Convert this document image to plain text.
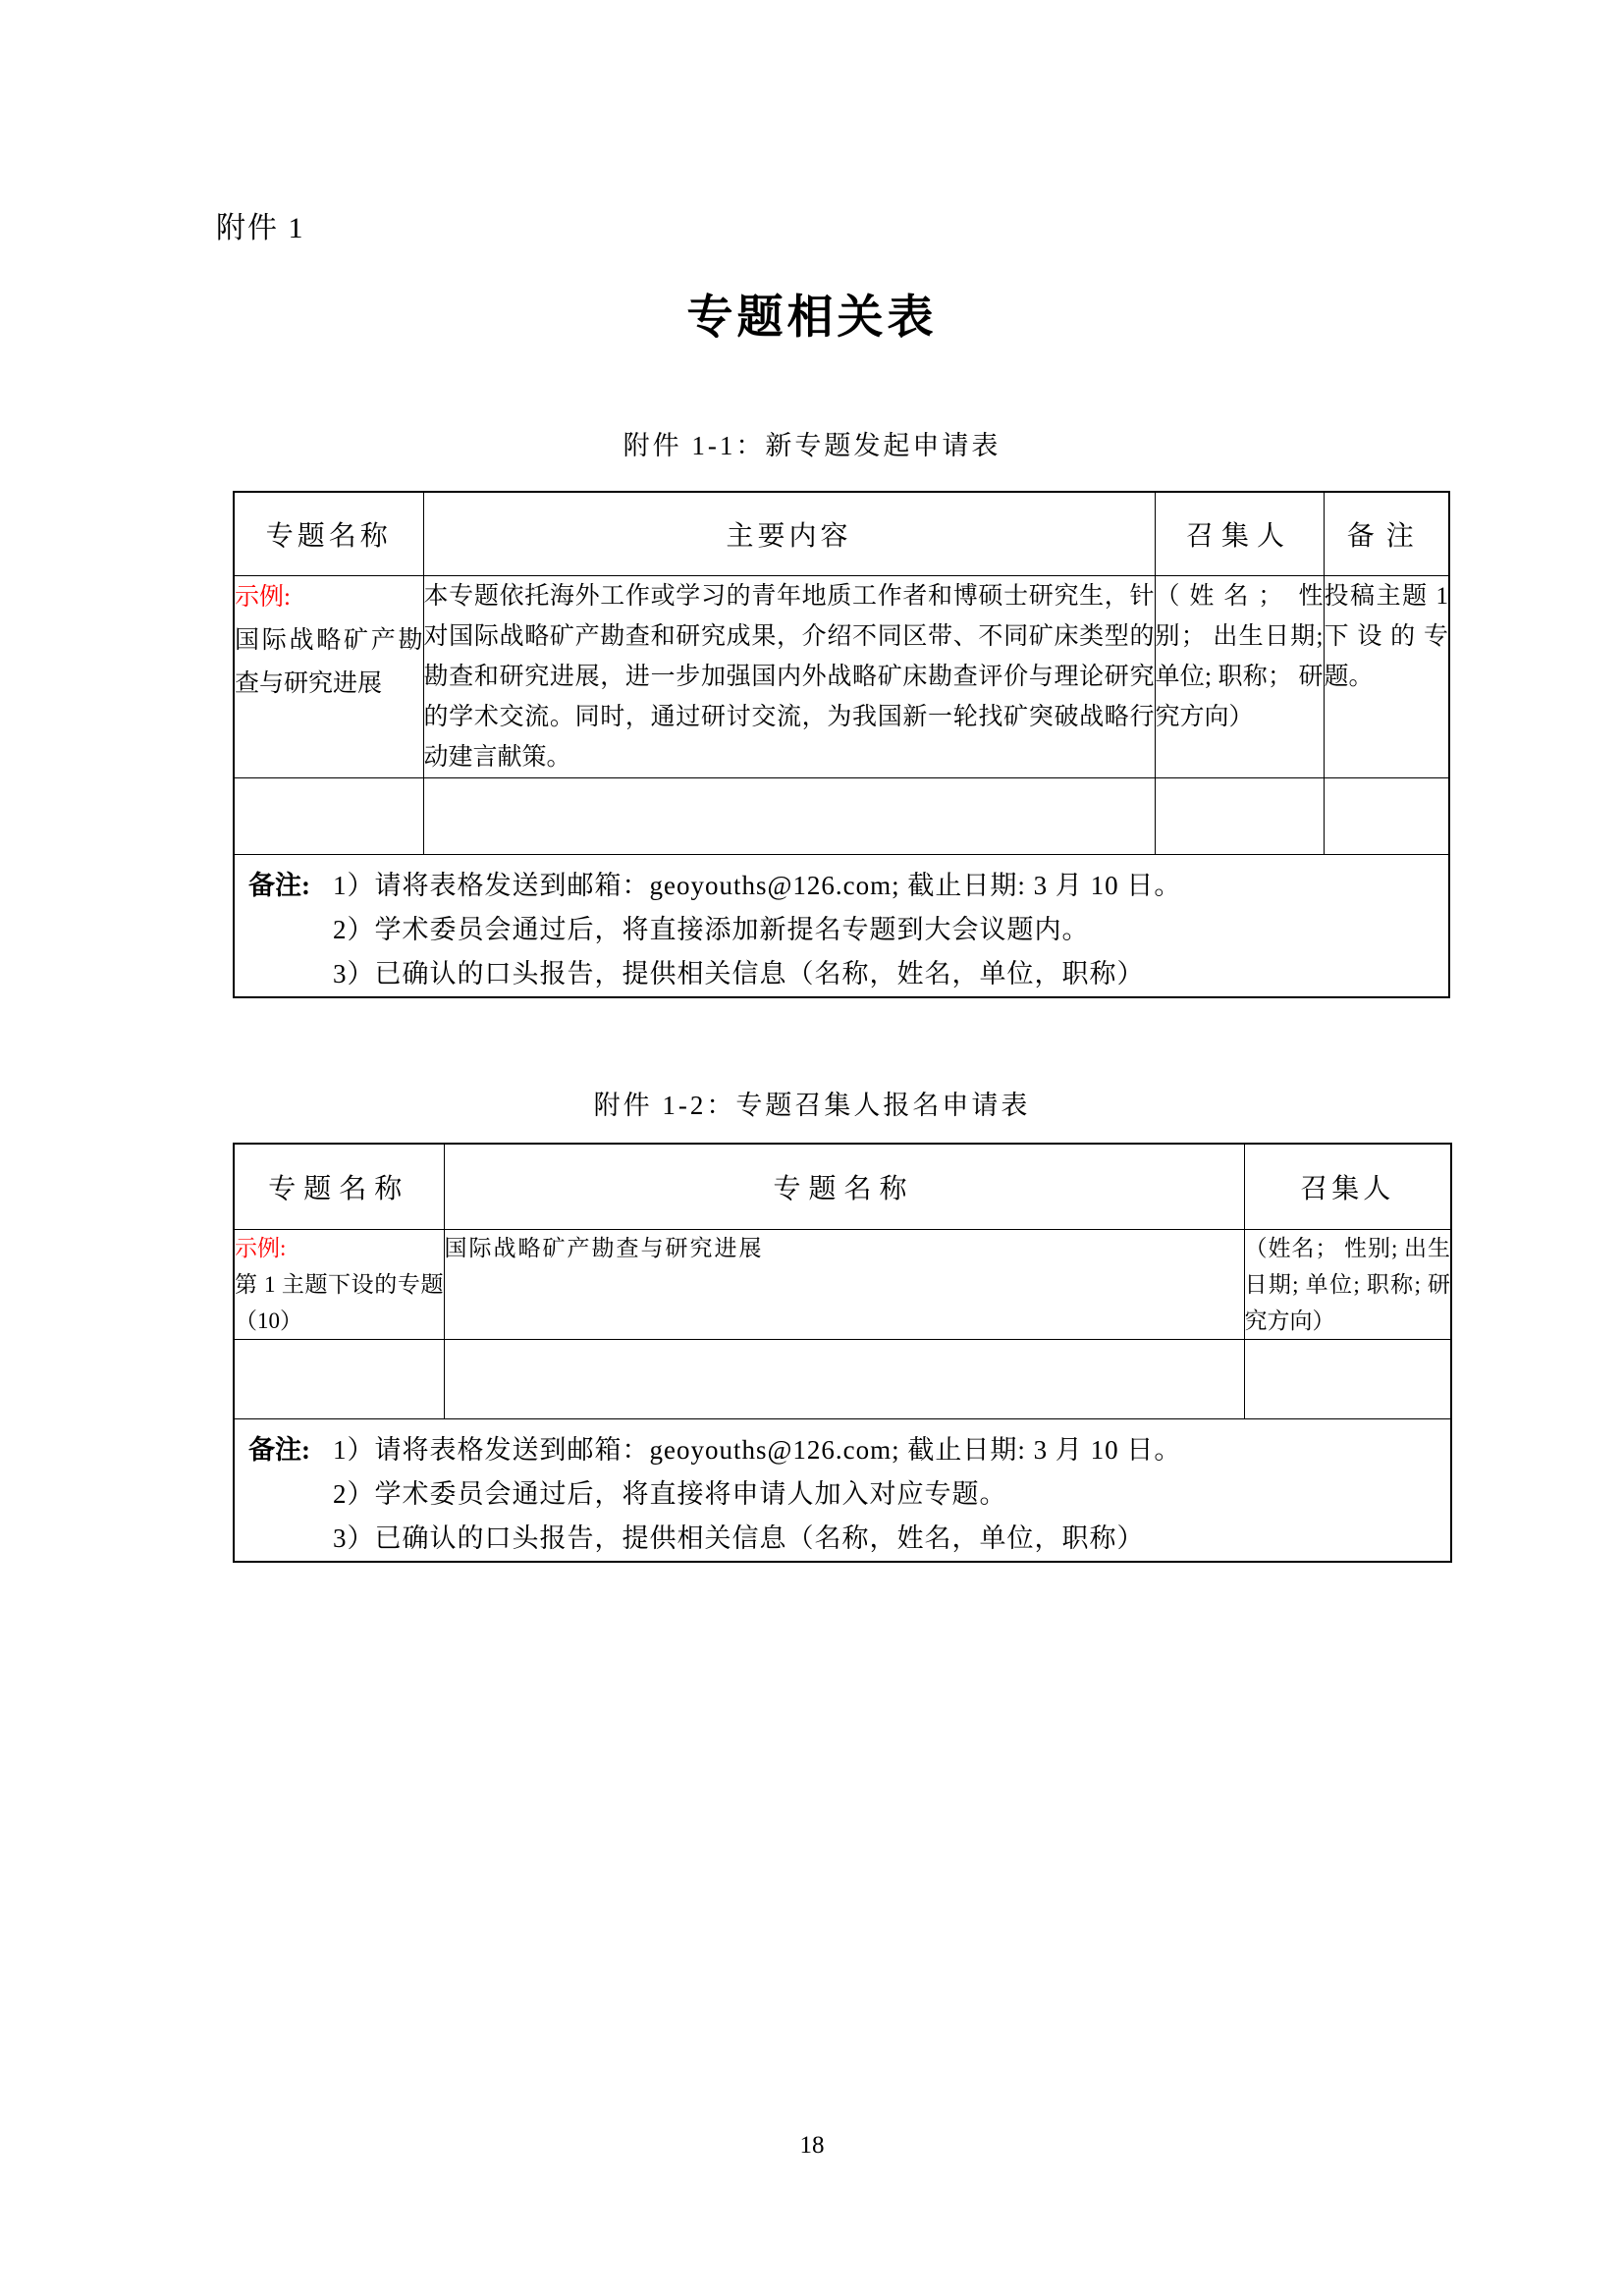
附件 1
专题相关表
附件 1-1：新专题发起申请表
专题名称	主要内容	召集人	备注

示例:
国际战略矿产勘查与研究进展	本专题依托海外工作或学习的青年地质工作者和博硕士研究生，针对国际战略矿产勘查和研究成果，介绍不同区带、不同矿床类型的勘查和研究进展，进一步加强国内外战略矿床勘查评价与理论研究的学术交流。同时，通过研讨交流，为我国新一轮找矿突破战略行动建言献策。	（姓名； 性别； 出生日期; 单位; 职称； 研究方向）	投稿主题 1 下设的专题。

备注: 1）请将表格发送到邮箱：geoyouths@126.com; 截止日期: 3 月 10 日。
2）学术委员会通过后，将直接添加新提名专题到大会议题内。
3）已确认的口头报告，提供相关信息（名称，姓名，单位，职称）			
附件 1-2：专题召集人报名申请表
专题名称	专题名称	召集人

示例:
第 1 主题下设的专题（10）	国际战略矿产勘查与研究进展	（姓名； 性别; 出生日期; 单位; 职称; 研究方向）

备注: 1）请将表格发送到邮箱：geoyouths@126.com; 截止日期: 3 月 10 日。
2）学术委员会通过后，将直接将申请人加入对应专题。
3）已确认的口头报告，提供相关信息（名称，姓名，单位，职称）		
18
